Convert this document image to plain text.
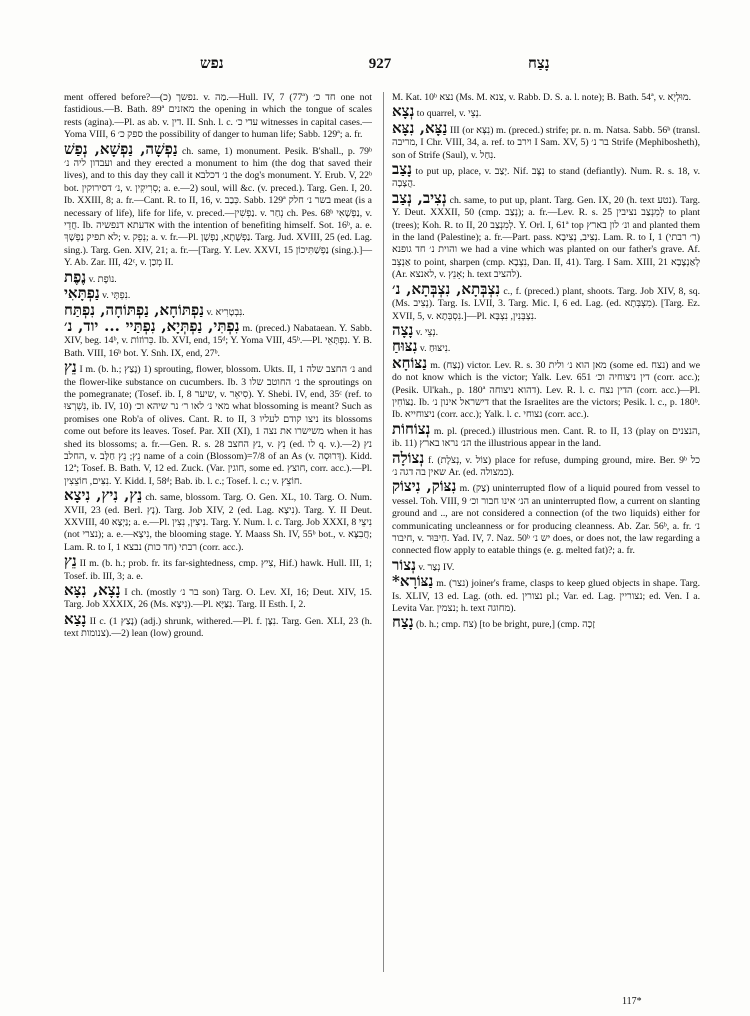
נפש	927	נָצַח
ment offered before?—(כ) נפשך. v. מַה.—Hull. IV, 7 (77ª) חד כ׳ one not fastidious.—B. Bath. 89ª מאזנים the opening in which the tongue of scales rests (agina).—Pl. as ab. v. דין. II. Snh. l. c. עדי כ׳ witnesses in capital cases.—Yoma VIII, 6 ספק כ׳ the possibility of danger to human life; Sabb. 129ª; a. fr.
נַפְשָׁה, נַפְשָׁא, נְפַשׁ ch. same, 1) monument. Pesik. B'shall., p. 79ᵇ ועבדון ליה נ׳ and they erected a monument to him (the dog that saved their lives), and to this day they call it נ׳ דכלבא the dog's monument. Y. Erub. V, 22ᵇ bot. נ׳ דסירוקין, v. סְרִיקִין; a. e.—2) soul, will &c. (v. preced.). Targ. Gen. I, 20. Ib. XXIII, 8; a. fr.—Cant. R. to II, 16, v. כְּבַב. Sabb. 129ª בשר נ׳ חלק meat (is a necessary of life), life for life, v. preced.—נַפְשִׁין. v. נְחַר ch. Pes. 68ᵇ נַפְשָׁאִי, v. חֲדֵי. Ib. אדעתא דנפשיה with the intention of benefiting himself. Sot. 16ᵇ, a. e. לא תפיק נַפְשָׁךְ; v. נְפֵק; a. v. fr.—Pl. נַפְשָׁתָא, נַפְשָׁן. Targ. Jud. XVIII, 25 (ed. Lag. sing.). Targ. Gen. XIV, 21; a. fr.—[Targ. Y. Lev. XXVI, 15 נַפְשַׁתִּיכוֹן (sing.).]—Y. Ab. Zar. III, 42ᶜ, v. מְכַן II.
נֶפֶת v. נוֹפֶת.
נַפְתָּאִי v. נִפְתָּי.
נַפְתּוֹחָא, נַפְתּוֹחָה, נִפְתַּח v. נִבְטָרִיא.
נִפְתִּי, נַפְתְּיָא, נִפְתַּיי ... יוד, נ׳ m. (preced.) Nabataean. Y. Sabb. XIV, beg. 14ᵇ, v. כֵּרוֹזוֹת. Ib. XVI, end, 15ᵈ; Y. Yoma VIII, 45ᵇ.—Pl. נִפְתָּאֵי. Y. B. Bath. VIII, 16ᵇ bot. Y. Snh. IX, end, 27ᵇ.
נֵץ I m. (b. h.; נָצַץ) 1) sprouting, flower, blossom. Ukts. II, 1 נ׳ החצב שלה and the flower-like substance on cucumbers. Ib. 3 נ׳ החוטב שלו the sproutings on the pomegranate; (Tosef. ib. I, 8 שיער, v. סִיאֵר). Y. Shebi. IV, end, 35ᶜ (ref. to נִשְׁרְצוּ, ib. IV, 10) מאי נ׳ לאו ר׳ נר שיהא וכ׳ what blossoming is meant? Such as promises one Rob'a of olives. Cant. R. to II, 3 ניצו קודם לעליו its blossoms come out before its leaves. Tosef. Par. XII (XI), 1 משישרו את נצה when it has shed its blossoms; a. fr.—Gen. R. s. 28 נץ החצב, v. נֵץ (ed. לו q. v.).—2) נץ החלב, v. נֵץ; נֵץ חַלָּב name of a coin (Blossom)=7/8 of an As (v. דְּרוּסְה). Kidd. 12ª; Tosef. B. Bath. V, 12 ed. Zuck. (Var. חוגין, some ed. חוצץ, corr. acc.).—Pl. נִצִּים, חוֹצֵצִין. Y. Kidd. I, 58ᵈ; Bab. ib. l. c.; Tosef. l. c.; v. חוֹצֵץ.
נֵץ, נִיץ, נִיצָא ch. same, blossom. Targ. O. Gen. XL, 10. Targ. O. Num. XVII, 23 (ed. Berl. נָץ). Targ. Job XIV, 2 (ed. Lag. נִיצָא). Targ. Y. II Deut. XXVIII, 40 נַיְצָא; a. e.—Pl. נִיצִין, נִצִין. Targ. Y. Num. l. c. Targ. Job XXXI, 8 נִיצֵי (not נצרי); a. e.—נִיצָא, the blooming stage. Y. Maass Sh. IV, 55ᵇ bot., v. חֲבִצָּא; Lam. R. to I, 1 רבתי (חד כות) נבצא (corr. acc.).
נֵץ II m. (b. h.; prob. fr. its far-sightedness, cmp. צִיץ, Hif.) hawk. Hull. III, 1; Tosef. ib. III, 3; a. e.
נָצָא, נִצָּא I ch. (mostly בר נ׳ son) Targ. O. Lev. XI, 16; Deut. XIV, 15. Targ. Job XXXIX, 26 (Ms. נִיצָא).—Pl. נִצַּיָּא. Targ. II Esth. I, 2.
נָצַא II c. (נָצַץ 1) (adj.) shrunk, withered.—Pl. f. נִצָּן. Targ. Gen. XLI, 23 (h. text צנומות).—2) lean (low) ground.
M. Kat. 10ᵇ נצא (Ms. M. צנא, v. Rabb. D. S. a. l. note); B. Bath. 54ª, v. מוּלְיָא.
נְצָא to quarrel, v. נְצֵי.
נַצָּא, נִצָּא III (or נִצְּא) m. (preced.) strife; pr. n. m. Natsa. Sabb. 56ᵇ (transl. מריבה, I Chr. VIII, 34, a. ref. to וירב I Sam. XV, 5) בר נ׳ Strife (Mephibosheth), son of Strife (Saul), v. נִחַל.
נָצַב to put up, place, v. יָצַב. Nif. נִצָּב to stand (defiantly). Num. R. s. 18, v. הֲצָבָה.
נְצִיב, נְצַב ch. same, to put up, plant. Targ. Gen. IX, 20 (h. text נטע). Targ. Y. Deut. XXXII, 50 (cmp. נְצַב); a. fr.—Lev. R. s. 25 לְמִנְצַב נציבין to plant (trees); Koh. R. to II, 20 לְמִנְצַב. Y. Orl. I, 61ª top ונ׳ לון בארץ and planted them in the land (Palestine); a. fr.—Part. pass. נְצִיב, נְצִיבָא. Lam. R. to I, 1 (ר׳ רבתי) והוית נ׳ חד גופנא we had a vine which was planted on our father's grave. Af. אַנְצֵב to point, sharpen (cmp. נִצְבָא, Dan. II, 41). Targ. I Sam. XIII, 21 לְאַנְצָבָא (Ar. לאנצא, v. אָנֵץ; h. text להציב).
נִצְבְּתָא, נִצְבְּתָא, נ׳ c., f. (preced.) plant, shoots. Targ. Job XIV, 8, sq. (Ms. נְצִיב). Targ. Is. LVII, 3. Targ. Mic. I, 6 ed. Lag. (ed. מִצְבְּתָא). [Targ. Ez. XVII, 5, v. נִסְבְּתָא.]—Pl. נִצְבְּנִין, נִצְבָּא.
נָצָה v. נְצֵי.
נִצּוּחַ v. נִיצּוּחַ.
נַצּוֹחָא m. (נְצַח) victor. Lev. R. s. 30 מאן הוא נ׳ ולית (some ed. נצח) and we do not know which is the victor; Yalk. Lev. 651 דין ניצוחיה וכ׳ (corr. acc.); (Pesik. Ul'kah., p. 180ª דהוא ניצוחה). Lev. R. l. c. הדין נצח (corr. acc.)—Pl. נַצּוֹחִין. Ib. דישראל אינון נ׳ that the Israelites are the victors; Pesik. l. c., p. 180ᵇ. Ib. ניצוחייא (corr. acc.); Yalk. l. c. נצוחי (corr. acc.).
נְצוֹחוֹת m. pl. (preced.) illustrious men. Cant. R. to II, 13 (play on הנצנים, ib. 11) הנ׳ נראו בארץ the illustrious appear in the land.
נְצוֹלָה f. (נְצֹלֶת, v. צוֹל) place for refuse, dumping ground, mire. Ber. 9ᵇ כל שאין בה דגה נ׳ Ar. (ed. כמצולה).
נִצּוֹק, נִיצוֹק m. (צַק) uninterrupted flow of a liquid poured from vessel to vessel. Toh. VIII, 9 הנ׳ אינו חבור וכ׳ an uninterrupted flow, a current on slanting ground and .., are not considered a connection (of the two liquids) either for communicating uncleanness or for producing cleanness. Ab. Zar. 56ᵇ, a. fr. נ׳ חיבור, v. חִיבּוּר. Yad. IV, 7. Naz. 50ᵇ יש נ׳ does, or does not, the law regarding a connected flow apply to eatable things (e. g. melted fat)?; a. fr.
נְצוֹר v. נְצַר IV.
נַצּוֹרָא* m. (נצר) joiner's frame, clasps to keep glued objects in shape. Targ. Is. XLIV, 13 ed. Lag. (oth. ed. נצורין pl.; Var. ed. Lag. נצוריין; ed. Ven. I a. Levita Var. נצמין; h. text מחוגה).
נָצַח (b. h.; cmp. צח) [to be bright, pure,] (cmp. זָכָה
117*
